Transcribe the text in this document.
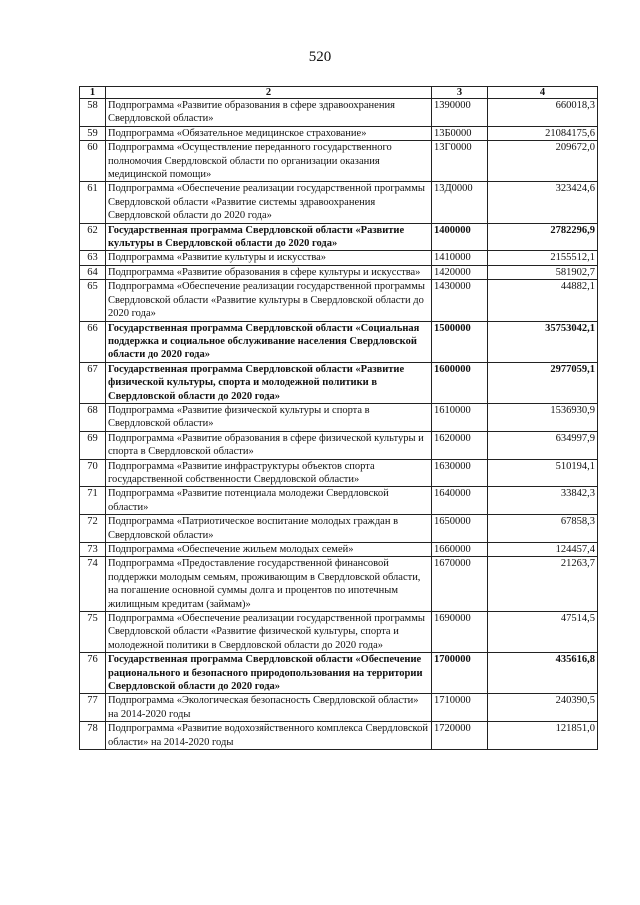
520
1	2	3	4
58	Подпрограмма «Развитие образования в сфере здравоохранения Свердловской области»	1390000	660018,3
59	Подпрограмма «Обязательное медицинское страхование»	13Б0000	21084175,6
60	Подпрограмма «Осуществление переданного государственного полномочия Свердловской области по организации оказания медицинской помощи»	13Г0000	209672,0
61	Подпрограмма «Обеспечение реализации государственной программы Свердловской области «Развитие системы здравоохранения Свердловской области до 2020 года»	13Д0000	323424,6
62	Государственная программа Свердловской области «Развитие культуры в Свердловской области до 2020 года»	1400000	2782296,9
63	Подпрограмма «Развитие культуры и искусства»	1410000	2155512,1
64	Подпрограмма «Развитие образования в сфере культуры и искусства»	1420000	581902,7
65	Подпрограмма «Обеспечение реализации государственной программы Свердловской области «Развитие культуры в Свердловской области до 2020 года»	1430000	44882,1
66	Государственная программа Свердловской области «Социальная поддержка и социальное обслуживание населения Свердловской области до 2020 года»	1500000	35753042,1
67	Государственная программа Свердловской области «Развитие физической культуры, спорта и молодежной политики в Свердловской области до 2020 года»	1600000	2977059,1
68	Подпрограмма «Развитие физической культуры и спорта в Свердловской области»	1610000	1536930,9
69	Подпрограмма «Развитие образования в сфере физической культуры и спорта в Свердловской области»	1620000	634997,9
70	Подпрограмма «Развитие инфраструктуры объектов спорта государственной собственности Свердловской области»	1630000	510194,1
71	Подпрограмма «Развитие потенциала молодежи Свердловской области»	1640000	33842,3
72	Подпрограмма «Патриотическое воспитание молодых граждан в Свердловской области»	1650000	67858,3
73	Подпрограмма «Обеспечение жильем молодых семей»	1660000	124457,4
74	Подпрограмма «Предоставление государственной финансовой поддержки молодым семьям, проживающим в Свердловской области, на погашение основной суммы долга и процентов по ипотечным жилищным кредитам (займам)»	1670000	21263,7
75	Подпрограмма «Обеспечение реализации государственной программы Свердловской области «Развитие физической культуры, спорта и молодежной политики в Свердловской области до 2020 года»	1690000	47514,5
76	Государственная программа Свердловской области «Обеспечение рационального и безопасного природопользования на территории Свердловской области до 2020 года»	1700000	435616,8
77	Подпрограмма «Экологическая безопасность Свердловской области» на 2014-2020 годы	1710000	240390,5
78	Подпрограмма «Развитие водохозяйственного комплекса Свердловской области» на 2014-2020 годы	1720000	121851,0
